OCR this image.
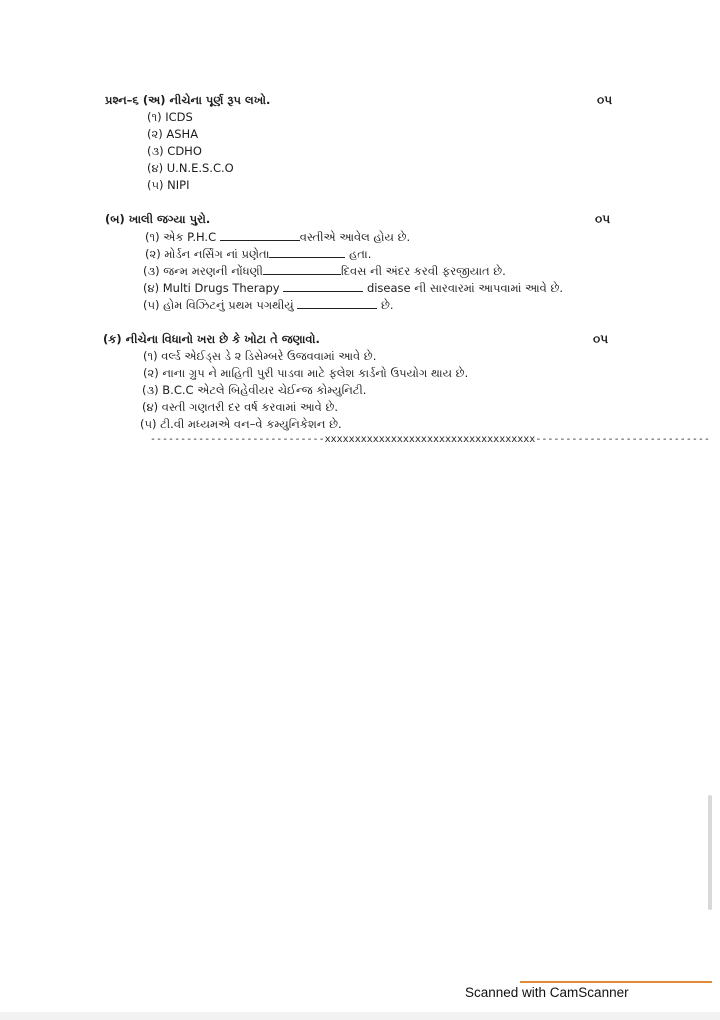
પ્રશ્ન–૬ (અ) નીચેના પૂર્ણ રૂપ લખો.	૦૫
(૧) ICDS
(૨) ASHA
(૩) CDHO
(૪) U.N.E.S.C.O
(૫) NIPI
(બ) ખાલી જગ્યા પુરો.	૦૫
(૧) એક P.H.C	વસ્તીએ આવેલ હોય છે.
(૨) મોર્ડન નર્સિંગ નાં પ્રણેતા	હતા.
(૩) જન્મ મરણની નોંધણી	દિવસ ની અંદર કરવી ફરજીયાત છે.
(૪) Multi Drugs Therapy	disease ની સારવારમાં આપવામાં આવે છે.
(૫) હોમ વિઝિટનું પ્રથમ પગથીયું	છે.
(ક) નીચેના વિધાનો ખરા છે કે ખોટા તે જણાવો.	૦૫
(૧) વર્લ્ડ એઈડ્સ ડે ૨ ડિસેમ્બરે ઉજવવામાં આવે છે.
(૨) નાના ગ્રુપ ને માહિતી પુરી પાડવા માટે ફલેશ કાર્ડનો ઉપયોગ થાય છે.
(૩) B.C.C એટલે બિહેવીયર ચેઈન્જ કોમ્યુનિટી.
(૪) વસ્તી ગણતરી દર વર્ષ કરવામાં આવે છે.
(૫) ટી.વી મધ્યમએ વન–વે કમ્યુનિકેશન છે.
-----------------------------xxxxxxxxxxxxxxxxxxxxxxxxxxxxxxxxxxx-----------------------------
Scanned with CamScanner
